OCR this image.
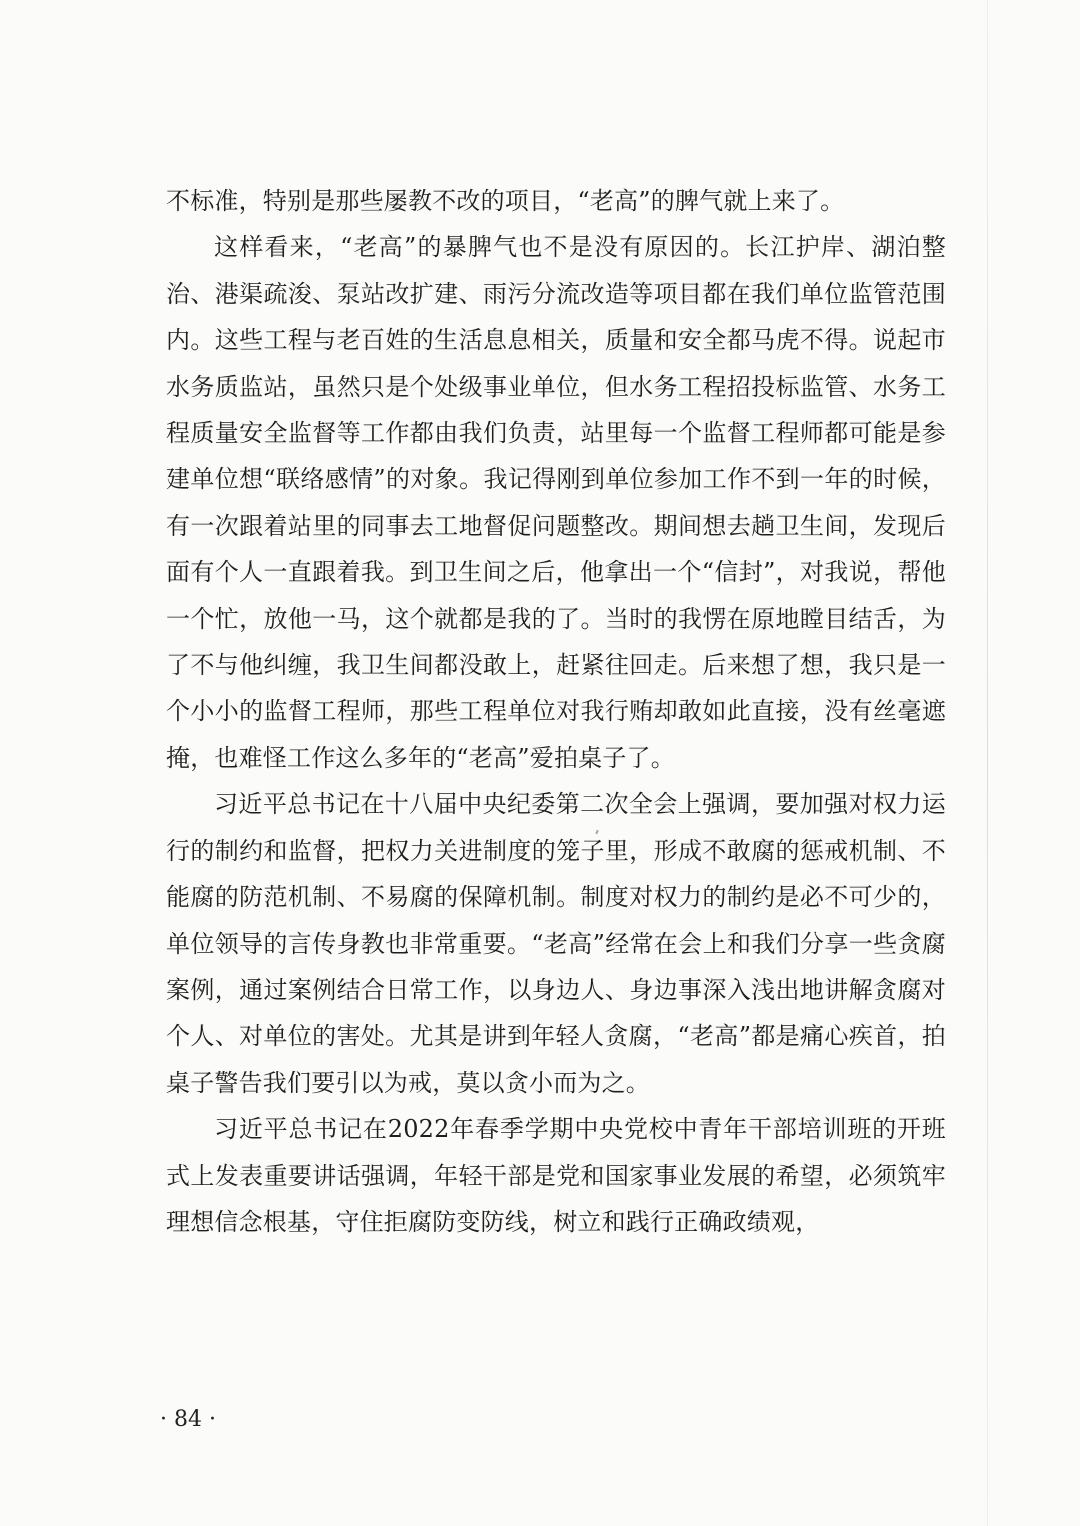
不标准，特别是那些屡教不改的项目，“老高”的脾气就上来了。

这样看来，“老高”的暴脾气也不是没有原因的。长江护岸、湖泊整治、港渠疏浚、泵站改扩建、雨污分流改造等项目都在我们单位监管范围内。这些工程与老百姓的生活息息相关，质量和安全都马虎不得。说起市水务质监站，虽然只是个处级事业单位，但水务工程招投标监管、水务工程质量安全监督等工作都由我们负责，站里每一个监督工程师都可能是参建单位想“联络感情”的对象。我记得刚到单位参加工作不到一年的时候，有一次跟着站里的同事去工地督促问题整改。期间想去趟卫生间，发现后面有个人一直跟着我。到卫生间之后，他拿出一个“信封”，对我说，帮他一个忙，放他一马，这个就都是我的了。当时的我愣在原地瞠目结舌，为了不与他纠缠，我卫生间都没敢上，赶紧往回走。后来想了想，我只是一个小小的监督工程师，那些工程单位对我行贿却敢如此直接，没有丝毫遮掩，也难怪工作这么多年的“老高”爱拍桌子了。

习近平总书记在十八届中央纪委第二次全会上强调，要加强对权力运行的制约和监督，把权力关进制度的笼子里，形成不敢腐的惩戒机制、不能腐的防范机制、不易腐的保障机制。制度对权力的制约是必不可少的，单位领导的言传身教也非常重要。“老高”经常在会上和我们分享一些贪腐案例，通过案例结合日常工作，以身边人、身边事深入浅出地讲解贪腐对个人、对单位的害处。尤其是讲到年轻人贪腐，“老高”都是痛心疾首，拍桌子警告我们要引以为戒，莫以贪小而为之。

习近平总书记在2022年春季学期中央党校中青年干部培训班的开班式上发表重要讲话强调，年轻干部是党和国家事业发展的希望，必须筑牢理想信念根基，守住拒腐防变防线，树立和践行正确政绩观，

· 84 ·
